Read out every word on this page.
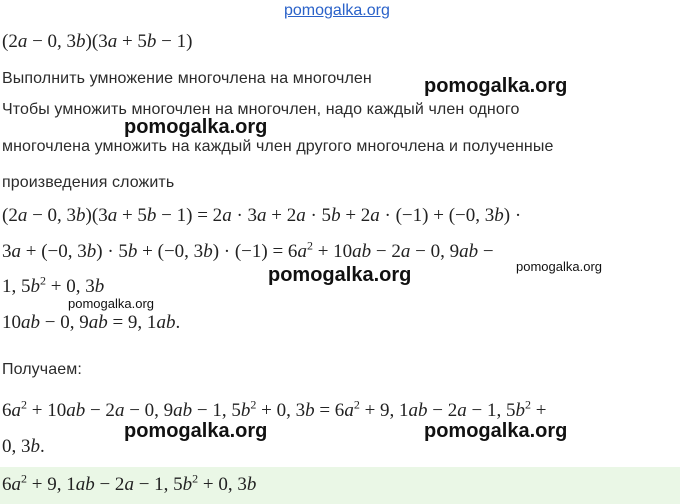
pomogalka.org
(2a − 0, 3b)(3a + 5b − 1)
Выполнить умножение многочлена на многочлен
Чтобы умножить многочлен на многочлен, надо каждый член одного
многочлена умножить на каждый член другого многочлена и полученные
произведения сложить
(2a − 0, 3b)(3a + 5b − 1) = 2a · 3a + 2a · 5b + 2a · (−1) + (−0, 3b) ·
3a + (−0, 3b) · 5b + (−0, $3b) \cdot (-1) = 6a^2 + 10ab - 2a - 0$, 9ab −
1, $5b^2 + 0$, 3b
10ab − 0, 9ab = 9, 1ab.
Получаем:
$6a^2 + 10ab - 2a - 0$, 9ab − 1, $5b^2 + 0$, $3b = 6a^2 + 9$, 1ab − 2a − 1, $5b^2$ +
0, 3b.
$6a^2 + 9$, 1ab − 2a − 1, $5b^2 + 0$, 3b
pomogalka.org
pomogalka.org
pomogalka.org	pomogalka.org
pomogalka.org
pomogalka.org	pomogalka.org
